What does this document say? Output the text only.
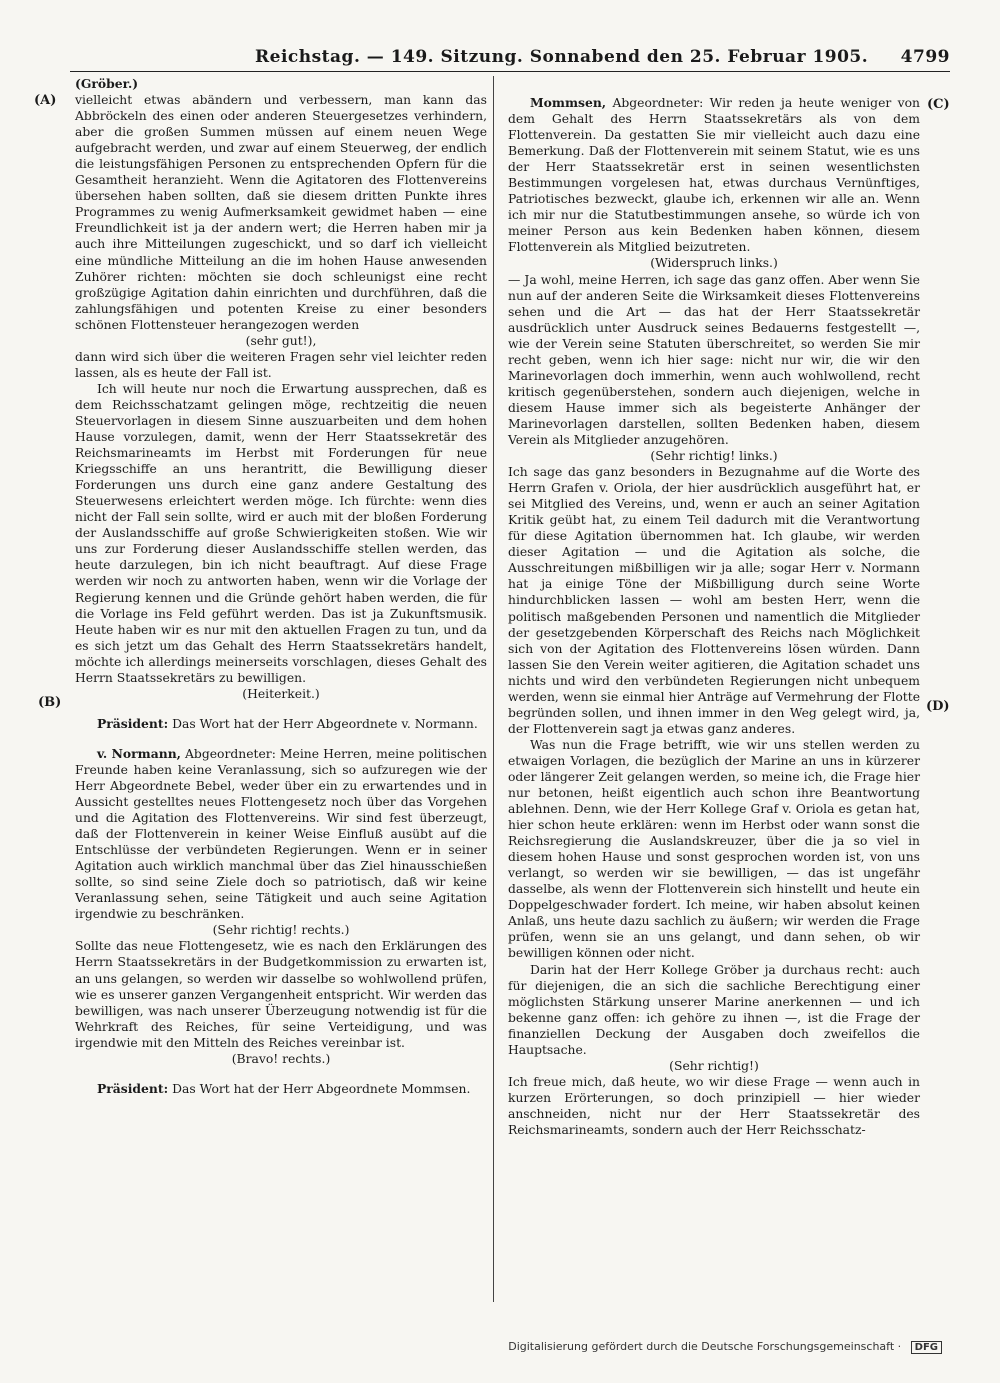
Reichstag. — 149. Sitzung. Sonnabend den 25. Februar 1905. 4799
(A)
(B)
(C)
(D)

(Gröber.)

vielleicht etwas abändern und verbessern, man kann das Abbröckeln des einen oder anderen Steuergesetzes verhindern, aber die großen Summen müssen auf einem neuen Wege aufgebracht werden, und zwar auf einem Steuerweg, der endlich die leistungsfähigen Personen zu entsprechenden Opfern für die Gesamtheit heranzieht. Wenn die Agitatoren des Flottenvereins übersehen haben sollten, daß sie diesem dritten Punkte ihres Programmes zu wenig Aufmerksamkeit gewidmet haben — eine Freundlichkeit ist ja der andern wert; die Herren haben mir ja auch ihre Mitteilungen zugeschickt, und so darf ich vielleicht eine mündliche Mitteilung an die im hohen Hause anwesenden Zuhörer richten: möchten sie doch schleunigst eine recht großzügige Agitation dahin einrichten und durchführen, daß die zahlungsfähigen und potenten Kreise zu einer besonders schönen Flottensteuer herangezogen werden

(sehr gut!),

dann wird sich über die weiteren Fragen sehr viel leichter reden lassen, als es heute der Fall ist.

Ich will heute nur noch die Erwartung aussprechen, daß es dem Reichsschatzamt gelingen möge, rechtzeitig die neuen Steuervorlagen in diesem Sinne auszuarbeiten und dem hohen Hause vorzulegen, damit, wenn der Herr Staatssekretär des Reichsmarineamts im Herbst mit Forderungen für neue Kriegsschiffe an uns herantritt, die Bewilligung dieser Forderungen uns durch eine ganz andere Gestaltung des Steuerwesens erleichtert werden möge. Ich fürchte: wenn dies nicht der Fall sein sollte, wird er auch mit der bloßen Forderung der Auslandsschiffe auf große Schwierigkeiten stoßen. Wie wir uns zur Forderung dieser Auslandsschiffe stellen werden, das heute darzulegen, bin ich nicht beauftragt. Auf diese Frage werden wir noch zu antworten haben, wenn wir die Vorlage der Regierung kennen und die Gründe gehört haben werden, die für die Vorlage ins Feld geführt werden. Das ist ja Zukunftsmusik. Heute haben wir es nur mit den aktuellen Fragen zu tun, und da es sich jetzt um das Gehalt des Herrn Staatssekretärs handelt, möchte ich allerdings meinerseits vorschlagen, dieses Gehalt des Herrn Staatssekretärs zu bewilligen.

(Heiterkeit.)

Präsident: Das Wort hat der Herr Abgeordnete v. Normann.

v. Normann, Abgeordneter: Meine Herren, meine politischen Freunde haben keine Veranlassung, sich so aufzuregen wie der Herr Abgeordnete Bebel, weder über ein zu erwartendes und in Aussicht gestelltes neues Flottengesetz noch über das Vorgehen und die Agitation des Flottenvereins. Wir sind fest überzeugt, daß der Flottenverein in keiner Weise Einfluß ausübt auf die Entschlüsse der verbündeten Regierungen. Wenn er in seiner Agitation auch wirklich manchmal über das Ziel hinausschießen sollte, so sind seine Ziele doch so patriotisch, daß wir keine Veranlassung sehen, seine Tätigkeit und auch seine Agitation irgendwie zu beschränken.

(Sehr richtig! rechts.)

Sollte das neue Flottengesetz, wie es nach den Erklärungen des Herrn Staatssekretärs in der Budgetkommission zu erwarten ist, an uns gelangen, so werden wir dasselbe so wohlwollend prüfen, wie es unserer ganzen Vergangenheit entspricht. Wir werden das bewilligen, was nach unserer Überzeugung notwendig ist für die Wehrkraft des Reiches, für seine Verteidigung, und was irgendwie mit den Mitteln des Reiches vereinbar ist.

(Bravo! rechts.)

Präsident: Das Wort hat der Herr Abgeordnete Mommsen.

Mommsen, Abgeordneter: Wir reden ja heute weniger von dem Gehalt des Herrn Staatssekretärs als von dem Flottenverein. Da gestatten Sie mir vielleicht auch dazu eine Bemerkung. Daß der Flottenverein mit seinem Statut, wie es uns der Herr Staatssekretär erst in seinen wesentlichsten Bestimmungen vorgelesen hat, etwas durchaus Vernünftiges, Patriotisches bezweckt, glaube ich, erkennen wir alle an. Wenn ich mir nur die Statutbestimmungen ansehe, so würde ich von meiner Person aus kein Bedenken haben können, diesem Flottenverein als Mitglied beizutreten.

(Widerspruch links.)

— Ja wohl, meine Herren, ich sage das ganz offen. Aber wenn Sie nun auf der anderen Seite die Wirksamkeit dieses Flottenvereins sehen und die Art — das hat der Herr Staatssekretär ausdrücklich unter Ausdruck seines Bedauerns festgestellt —, wie der Verein seine Statuten überschreitet, so werden Sie mir recht geben, wenn ich hier sage: nicht nur wir, die wir den Marinevorlagen doch immerhin, wenn auch wohlwollend, recht kritisch gegenüberstehen, sondern auch diejenigen, welche in diesem Hause immer sich als begeisterte Anhänger der Marinevorlagen darstellen, sollten Bedenken haben, diesem Verein als Mitglieder anzugehören.

(Sehr richtig! links.)

Ich sage das ganz besonders in Bezugnahme auf die Worte des Herrn Grafen v. Oriola, der hier ausdrücklich ausgeführt hat, er sei Mitglied des Vereins, und, wenn er auch an seiner Agitation Kritik geübt hat, zu einem Teil dadurch mit die Verantwortung für diese Agitation übernommen hat. Ich glaube, wir werden dieser Agitation — und die Agitation als solche, die Ausschreitungen mißbilligen wir ja alle; sogar Herr v. Normann hat ja einige Töne der Mißbilligung durch seine Worte hindurchblicken lassen — wohl am besten Herr, wenn die politisch maßgebenden Personen und namentlich die Mitglieder der gesetzgebenden Körperschaft des Reichs nach Möglichkeit sich von der Agitation des Flottenvereins lösen würden. Dann lassen Sie den Verein weiter agitieren, die Agitation schadet uns nichts und wird den verbündeten Regierungen nicht unbequem werden, wenn sie einmal hier Anträge auf Vermehrung der Flotte begründen sollen, und ihnen immer in den Weg gelegt wird, ja, der Flottenverein sagt ja etwas ganz anderes.

Was nun die Frage betrifft, wie wir uns stellen werden zu etwaigen Vorlagen, die bezüglich der Marine an uns in kürzerer oder längerer Zeit gelangen werden, so meine ich, die Frage hier nur betonen, heißt eigentlich auch schon ihre Beantwortung ablehnen. Denn, wie der Herr Kollege Graf v. Oriola es getan hat, hier schon heute erklären: wenn im Herbst oder wann sonst die Reichsregierung die Auslandskreuzer, über die ja so viel in diesem hohen Hause und sonst gesprochen worden ist, von uns verlangt, so werden wir sie bewilligen, — das ist ungefähr dasselbe, als wenn der Flottenverein sich hinstellt und heute ein Doppelgeschwader fordert. Ich meine, wir haben absolut keinen Anlaß, uns heute dazu sachlich zu äußern; wir werden die Frage prüfen, wenn sie an uns gelangt, und dann sehen, ob wir bewilligen können oder nicht.

Darin hat der Herr Kollege Gröber ja durchaus recht: auch für diejenigen, die an sich die sachliche Berechtigung einer möglichsten Stärkung unserer Marine anerkennen — und ich bekenne ganz offen: ich gehöre zu ihnen —, ist die Frage der finanziellen Deckung der Ausgaben doch zweifellos die Hauptsache.

(Sehr richtig!)

Ich freue mich, daß heute, wo wir diese Frage — wenn auch in kurzen Erörterungen, so doch prinzipiell — hier wieder anschneiden, nicht nur der Herr Staatssekretär des Reichsmarineamts, sondern auch der Herr Reichsschatz-

Digitalisierung gefördert durch die Deutsche Forschungsgemeinschaft · DFG
